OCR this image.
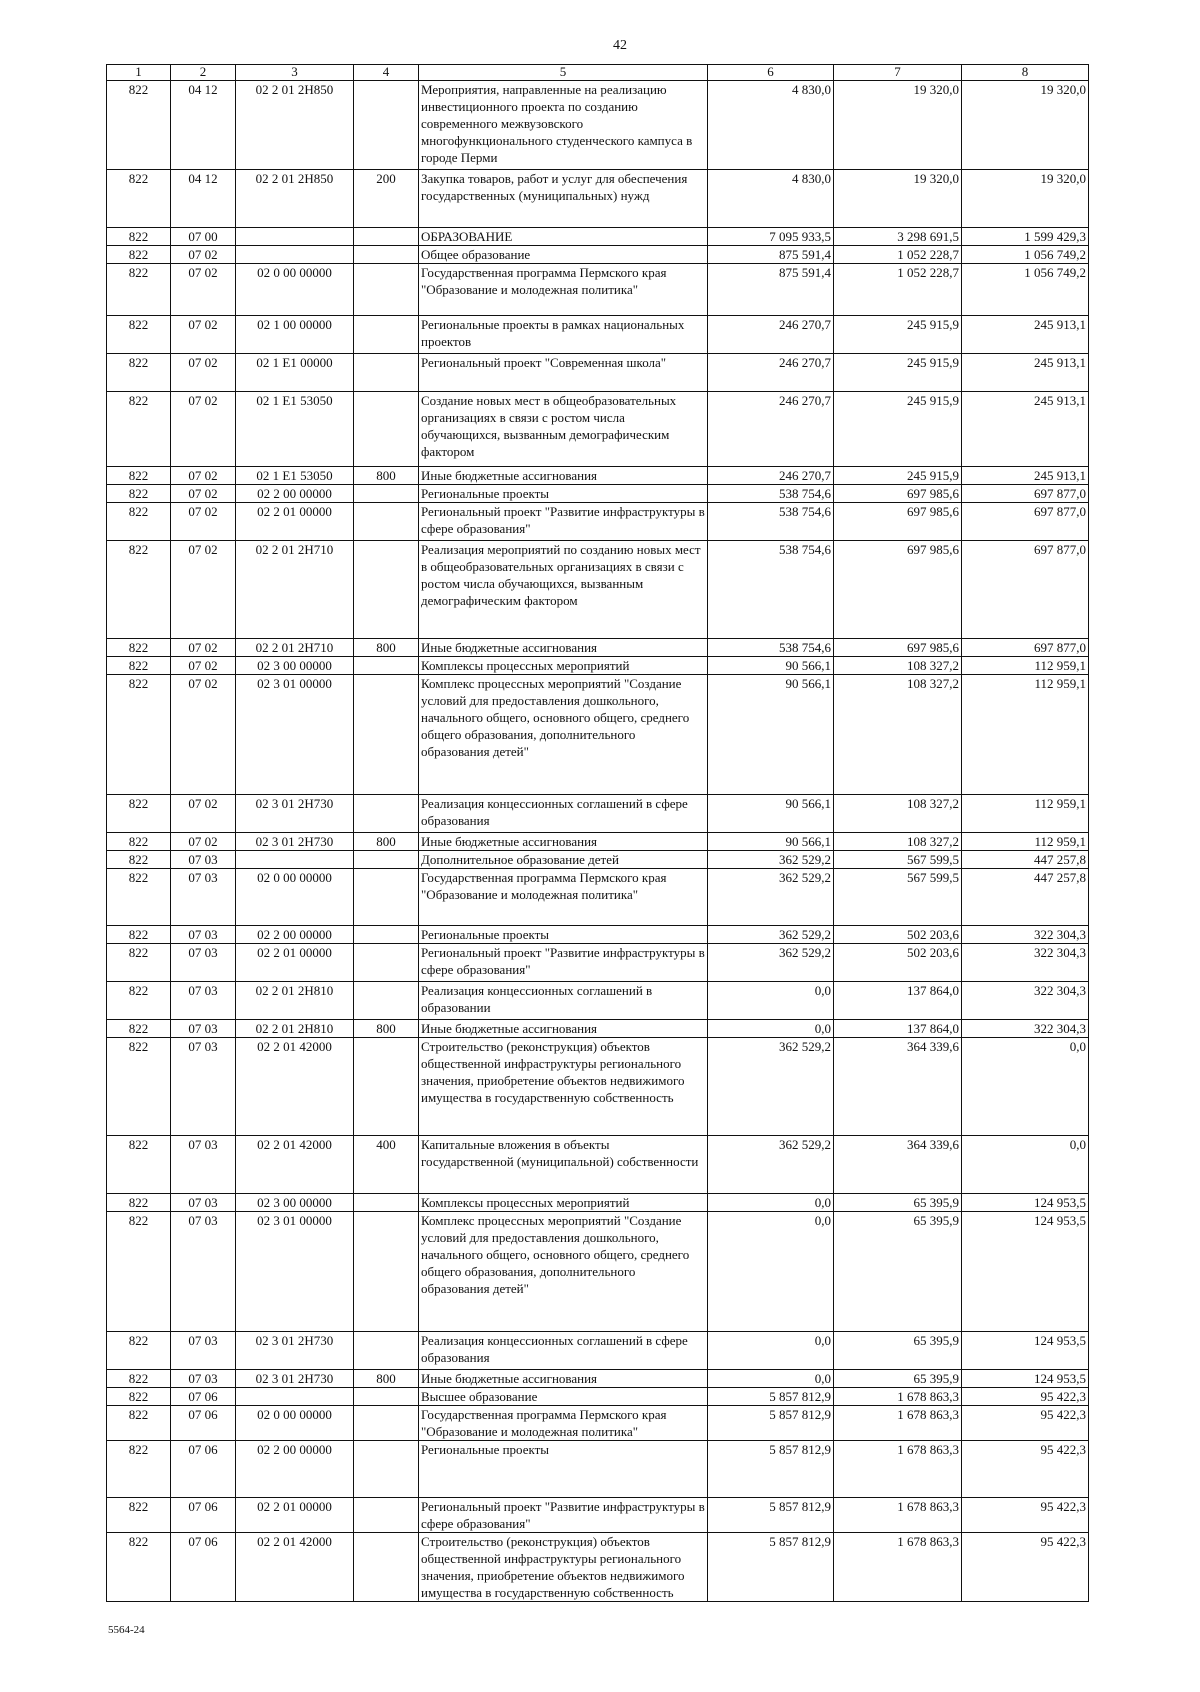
42
1	2	3	4	5	6	7	8
822	04 12	02 2 01 2Н850		Мероприятия, направленные на реализацию инвестиционного проекта по созданию современного межвузовского многофункционального студенческого кампуса в городе Перми	4 830,0	19 320,0	19 320,0
822	04 12	02 2 01 2Н850	200	Закупка товаров, работ и услуг для обеспечения государственных (муниципальных) нужд	4 830,0	19 320,0	19 320,0
822	07 00			ОБРАЗОВАНИЕ	7 095 933,5	3 298 691,5	1 599 429,3
822	07 02			Общее образование	875 591,4	1 052 228,7	1 056 749,2
822	07 02	02 0 00 00000		Государственная программа Пермского края "Образование и молодежная политика"	875 591,4	1 052 228,7	1 056 749,2
822	07 02	02 1 00 00000		Региональные проекты в рамках национальных проектов	246 270,7	245 915,9	245 913,1
822	07 02	02 1 Е1 00000		Региональный проект "Современная школа"	246 270,7	245 915,9	245 913,1
822	07 02	02 1 Е1 53050		Создание новых мест в общеобразовательных организациях в связи с ростом числа обучающихся, вызванным демографическим фактором	246 270,7	245 915,9	245 913,1
822	07 02	02 1 Е1 53050	800	Иные бюджетные ассигнования	246 270,7	245 915,9	245 913,1
822	07 02	02 2 00 00000		Региональные проекты	538 754,6	697 985,6	697 877,0
822	07 02	02 2 01 00000		Региональный проект "Развитие инфраструктуры в сфере образования"	538 754,6	697 985,6	697 877,0
822	07 02	02 2 01 2Н710		Реализация мероприятий по созданию новых мест в общеобразовательных организациях в связи с ростом числа обучающихся, вызванным демографическим фактором	538 754,6	697 985,6	697 877,0
822	07 02	02 2 01 2Н710	800	Иные бюджетные ассигнования	538 754,6	697 985,6	697 877,0
822	07 02	02 3 00 00000		Комплексы процессных мероприятий	90 566,1	108 327,2	112 959,1
822	07 02	02 3 01 00000		Комплекс процессных мероприятий "Создание условий для предоставления дошкольного, начального общего, основного общего, среднего общего образования, дополнительного образования детей"	90 566,1	108 327,2	112 959,1
822	07 02	02 3 01 2Н730		Реализация концессионных соглашений в сфере образования	90 566,1	108 327,2	112 959,1
822	07 02	02 3 01 2Н730	800	Иные бюджетные ассигнования	90 566,1	108 327,2	112 959,1
822	07 03			Дополнительное образование детей	362 529,2	567 599,5	447 257,8
822	07 03	02 0 00 00000		Государственная программа Пермского края "Образование и молодежная политика"	362 529,2	567 599,5	447 257,8
822	07 03	02 2 00 00000		Региональные проекты	362 529,2	502 203,6	322 304,3
822	07 03	02 2 01 00000		Региональный проект "Развитие инфраструктуры в сфере образования"	362 529,2	502 203,6	322 304,3
822	07 03	02 2 01 2Н810		Реализация концессионных соглашений в образовании	0,0	137 864,0	322 304,3
822	07 03	02 2 01 2Н810	800	Иные бюджетные ассигнования	0,0	137 864,0	322 304,3
822	07 03	02 2 01 42000		Строительство (реконструкция) объектов общественной инфраструктуры регионального значения, приобретение объектов недвижимого имущества в государственную собственность	362 529,2	364 339,6	0,0
822	07 03	02 2 01 42000	400	Капитальные вложения в объекты государственной (муниципальной) собственности	362 529,2	364 339,6	0,0
822	07 03	02 3 00 00000		Комплексы процессных мероприятий	0,0	65 395,9	124 953,5
822	07 03	02 3 01 00000		Комплекс процессных мероприятий "Создание условий для предоставления дошкольного, начального общего, основного общего, среднего общего образования, дополнительного образования детей"	0,0	65 395,9	124 953,5
822	07 03	02 3 01 2Н730		Реализация концессионных соглашений в сфере образования	0,0	65 395,9	124 953,5
822	07 03	02 3 01 2Н730	800	Иные бюджетные ассигнования	0,0	65 395,9	124 953,5
822	07 06			Высшее образование	5 857 812,9	1 678 863,3	95 422,3
822	07 06	02 0 00 00000		Государственная программа Пермского края "Образование и молодежная политика"	5 857 812,9	1 678 863,3	95 422,3
822	07 06	02 2 00 00000		Региональные проекты	5 857 812,9	1 678 863,3	95 422,3
822	07 06	02 2 01 00000		Региональный проект "Развитие инфраструктуры в сфере образования"	5 857 812,9	1 678 863,3	95 422,3
822	07 06	02 2 01 42000		Строительство (реконструкция) объектов общественной инфраструктуры регионального значения, приобретение объектов недвижимого имущества в государственную собственность	5 857 812,9	1 678 863,3	95 422,3
5564-24
